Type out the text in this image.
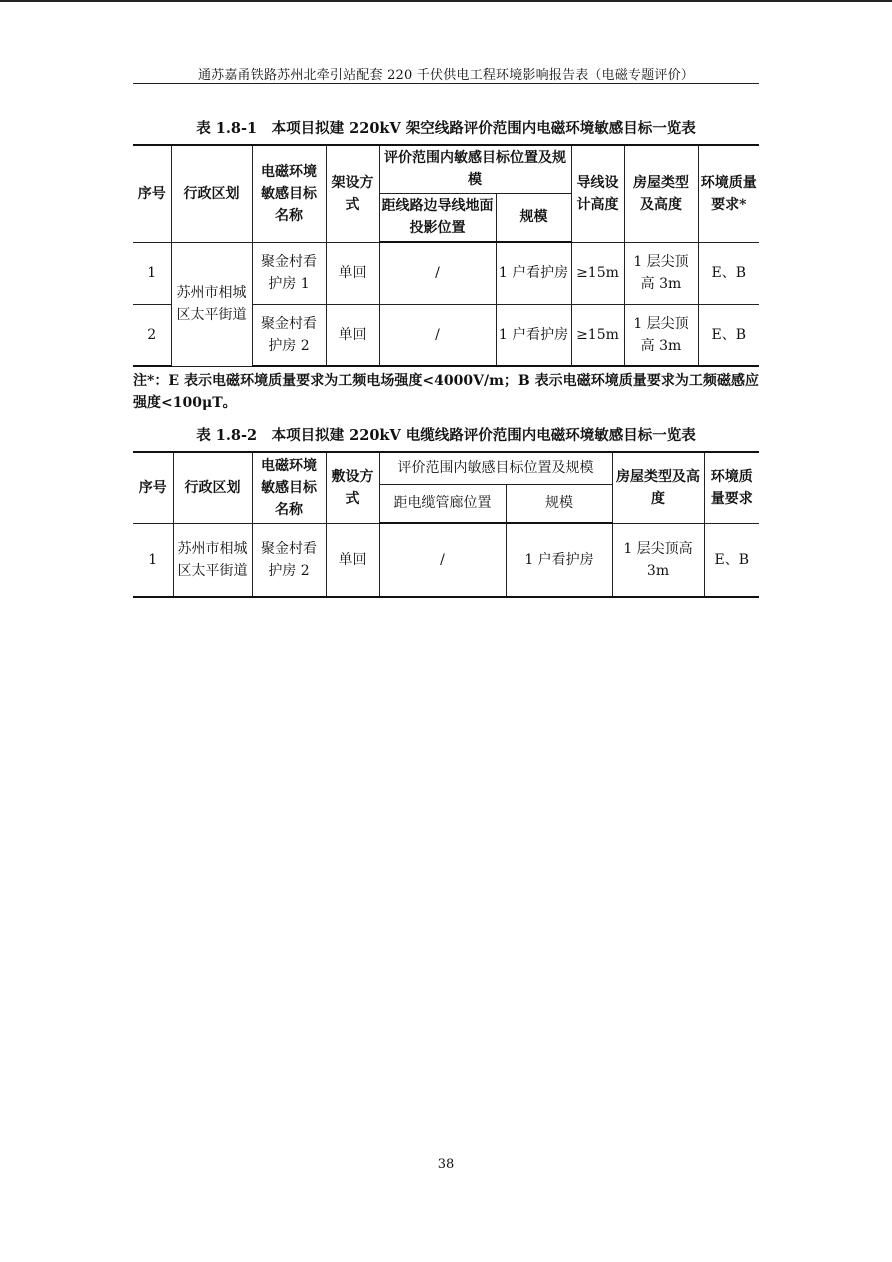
通苏嘉甬铁路苏州北牵引站配套 220 千伏供电工程环境影响报告表（电磁专题评价）
表 1.8-1　本项目拟建 220kV 架空线路评价范围内电磁环境敏感目标一览表
序号	行政区划	电磁环境敏感目标名称	架设方式	评价范围内敏感目标位置及规模		导线设计高度	房屋类型及高度	环境质量要求*
				距线路边导线地面投影位置	规模			
1	苏州市相城区太平街道	聚金村看护房 1	单回	/	1 户看护房	≥15m	1 层尖顶高 3m	E、B
2		聚金村看护房 2	单回	/	1 户看护房	≥15m	1 层尖顶高 3m	E、B
注*：E 表示电磁环境质量要求为工频电场强度<4000V/m；B 表示电磁环境质量要求为工频磁感应强度<100μT。
表 1.8-2　本项目拟建 220kV 电缆线路评价范围内电磁环境敏感目标一览表
序号	行政区划	电磁环境敏感目标名称	敷设方式	评价范围内敏感目标位置及规模		房屋类型及高度	环境质量要求
				距电缆管廊位置	规模		
1	苏州市相城区太平街道	聚金村看护房 2	单回	/	1 户看护房	1 层尖顶高 3m	E、B
38
